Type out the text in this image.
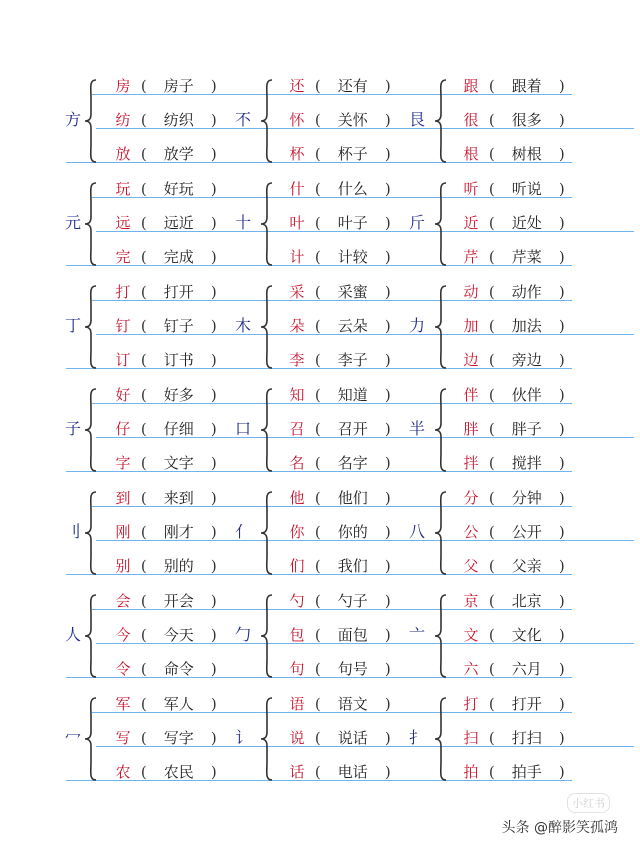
方
房 ( 房子 )
纺 ( 纺织 )
放 ( 放学 )
不
还 ( 还有 )
怀 ( 关怀 )
杯 ( 杯子 )
艮
跟 ( 跟着 )
很 ( 很多 )
根 ( 树根 )
元
玩 ( 好玩 )
远 ( 远近 )
完 ( 完成 )
十
什 ( 什么 )
叶 ( 叶子 )
计 ( 计较 )
斤
听 ( 听说 )
近 ( 近处 )
芹 ( 芹菜 )
丁
打 ( 打开 )
钉 ( 钉子 )
订 ( 订书 )
木
采 ( 采蜜 )
朵 ( 云朵 )
李 ( 李子 )
力
动 ( 动作 )
加 ( 加法 )
边 ( 旁边 )
子
好 ( 好多 )
仔 ( 仔细 )
字 ( 文字 )
口
知 ( 知道 )
召 ( 召开 )
名 ( 名字 )
半
伴 ( 伙伴 )
胖 ( 胖子 )
拌 ( 搅拌 )
刂
到 ( 来到 )
刚 ( 刚才 )
别 ( 别的 )
亻
他 ( 他们 )
你 ( 你的 )
们 ( 我们 )
八
分 ( 分钟 )
公 ( 公开 )
父 ( 父亲 )
人
会 ( 开会 )
今 ( 今天 )
令 ( 命令 )
勹
勺 ( 勺子 )
包 ( 面包 )
句 ( 句号 )
亠
京 ( 北京 )
文 ( 文化 )
六 ( 六月 )
冖
军 ( 军人 )
写 ( 写字 )
农 ( 农民 )
讠
语 ( 语文 )
说 ( 说话 )
话 ( 电话 )
扌
打 ( 打开 )
扫 ( 打扫 )
拍 ( 拍手 )
小红书
头条 @醉影笑孤鸿
